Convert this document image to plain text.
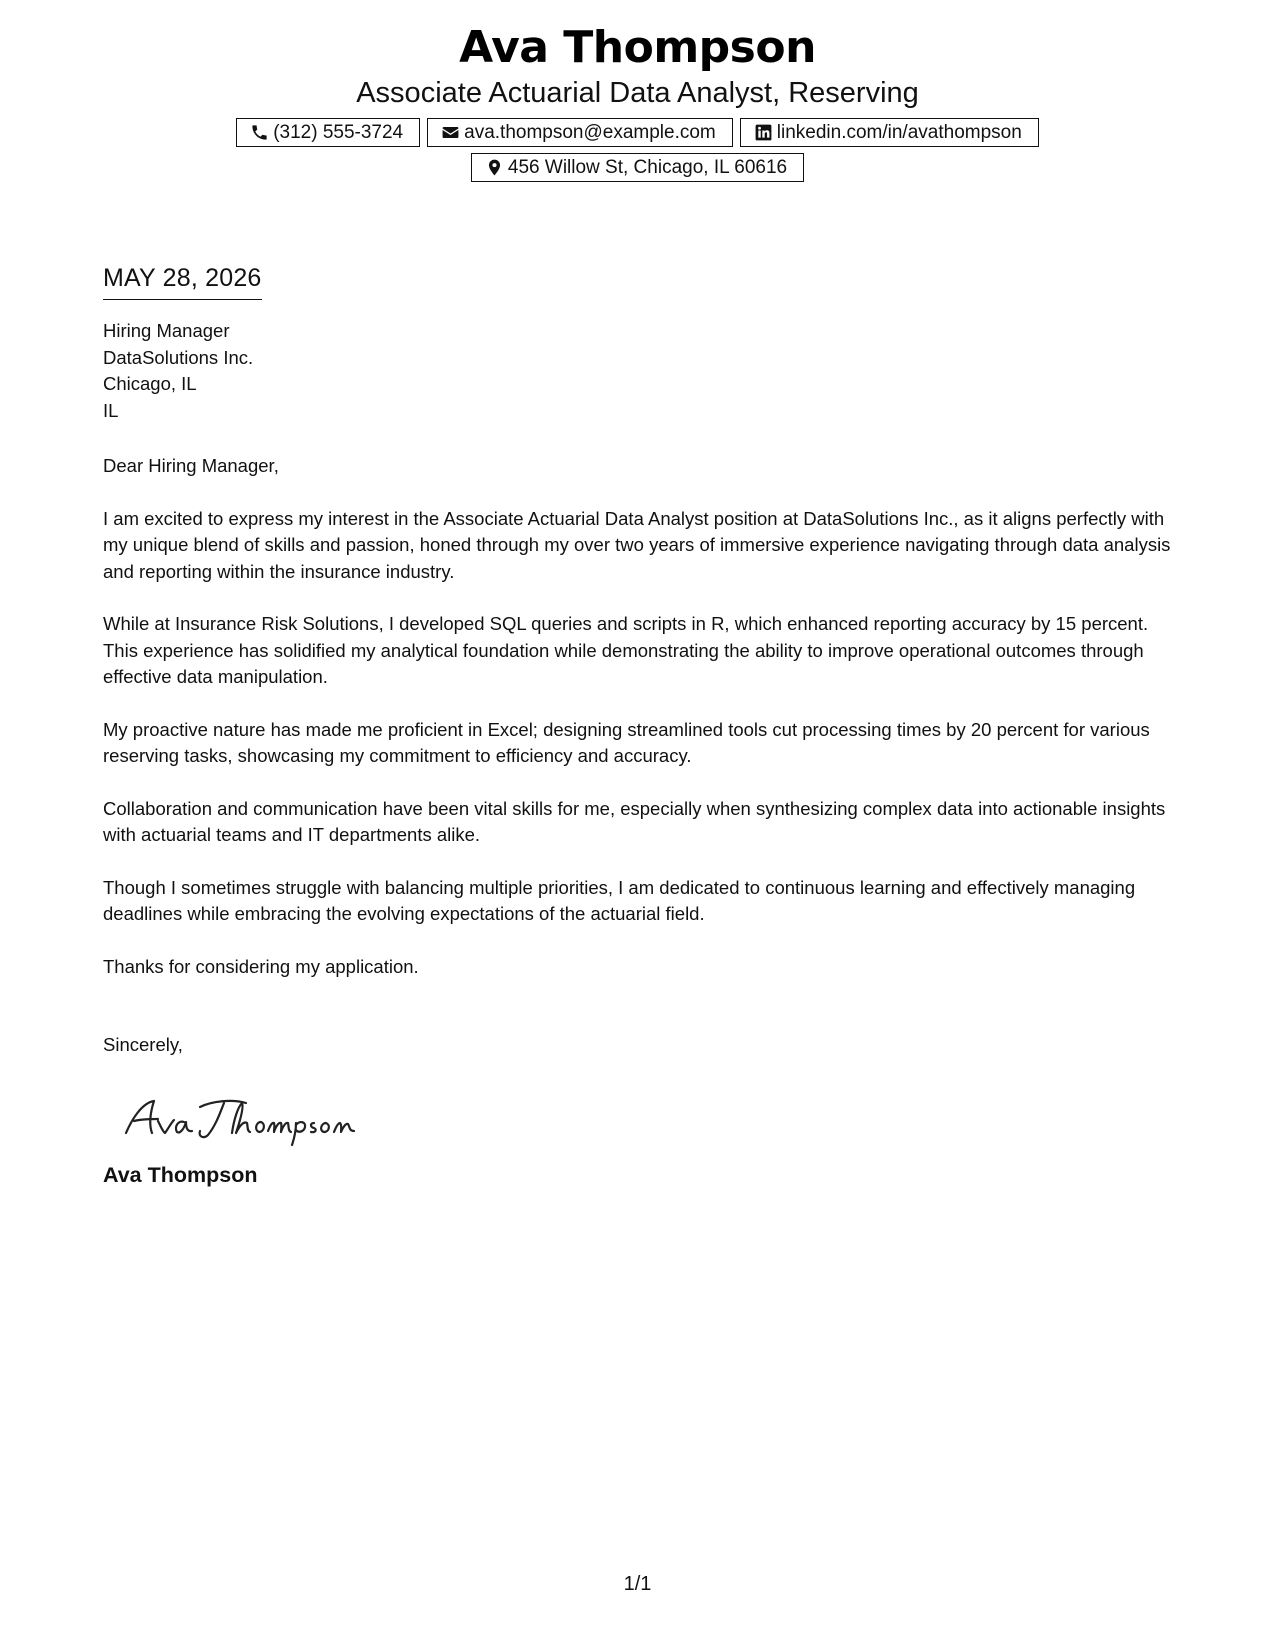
Ava Thompson
Associate Actuarial Data Analyst, Reserving
(312) 555-3724	ava.thompson@example.com	linkedin.com/in/avathompson
456 Willow St, Chicago, IL 60616
MAY 28, 2026
Hiring Manager
DataSolutions Inc.
Chicago, IL
IL
Dear Hiring Manager,
I am excited to express my interest in the Associate Actuarial Data Analyst position at DataSolutions Inc., as it aligns perfectly with my unique blend of skills and passion, honed through my over two years of immersive experience navigating through data analysis and reporting within the insurance industry.
While at Insurance Risk Solutions, I developed SQL queries and scripts in R, which enhanced reporting accuracy by 15 percent. This experience has solidified my analytical foundation while demonstrating the ability to improve operational outcomes through effective data manipulation.
My proactive nature has made me proficient in Excel; designing streamlined tools cut processing times by 20 percent for various reserving tasks, showcasing my commitment to efficiency and accuracy.
Collaboration and communication have been vital skills for me, especially when synthesizing complex data into actionable insights with actuarial teams and IT departments alike.
Though I sometimes struggle with balancing multiple priorities, I am dedicated to continuous learning and effectively managing deadlines while embracing the evolving expectations of the actuarial field.
Thanks for considering my application.
Sincerely,
Ava Thompson
1/1
